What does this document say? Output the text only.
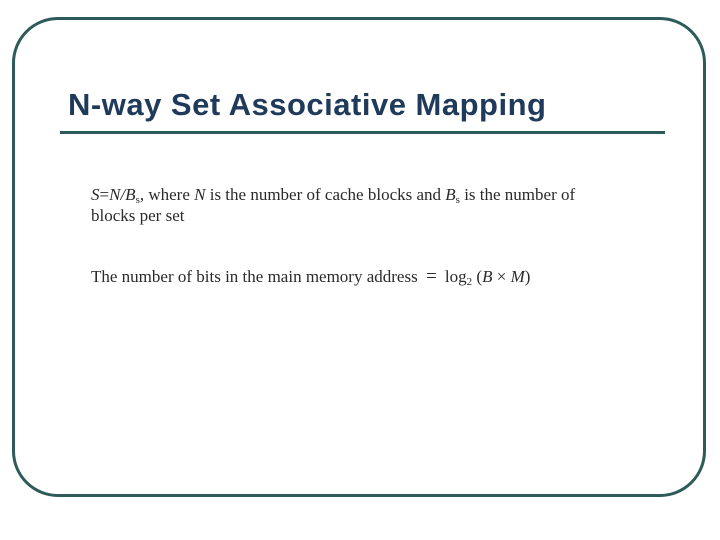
N-way Set Associative Mapping
$S=N/B_s$, where N is the number of cache blocks and $B_s$ is the number of
blocks per set
The number of bits in the main memory address = $\log_2 (B \times M)$
